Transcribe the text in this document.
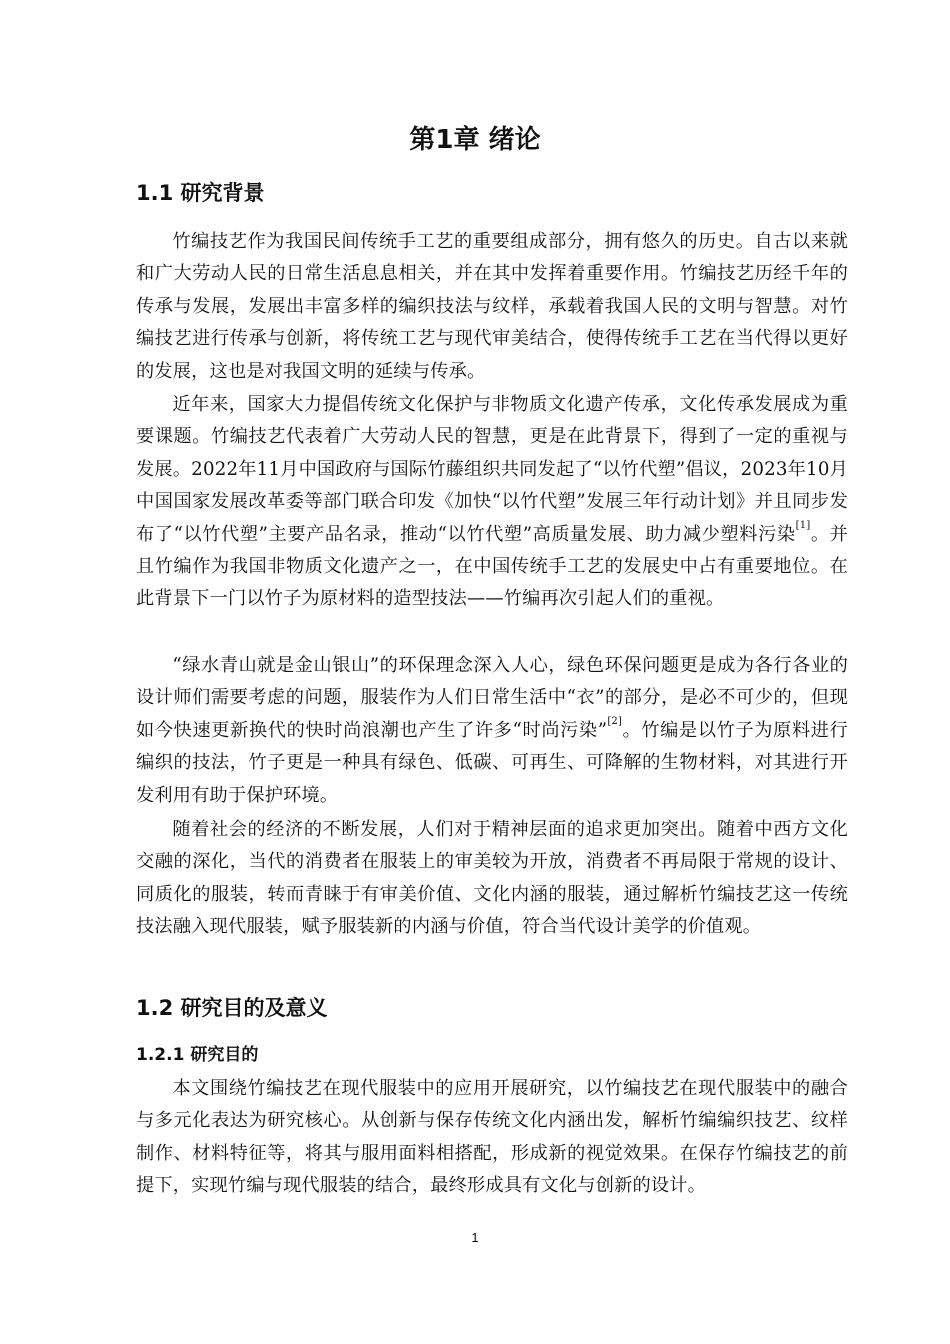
第1章 绪论
1.1 研究背景

竹编技艺作为我国民间传统手工艺的重要组成部分，拥有悠久的历史。自古以来就和广大劳动人民的日常生活息息相关，并在其中发挥着重要作用。竹编技艺历经千年的传承与发展，发展出丰富多样的编织技法与纹样，承载着我国人民的文明与智慧。对竹编技艺进行传承与创新，将传统工艺与现代审美结合，使得传统手工艺在当代得以更好的发展，这也是对我国文明的延续与传承。

近年来，国家大力提倡传统文化保护与非物质文化遗产传承，文化传承发展成为重要课题。竹编技艺代表着广大劳动人民的智慧，更是在此背景下，得到了一定的重视与发展。2022年11月中国政府与国际竹藤组织共同发起了“以竹代塑”倡议，2023年10月中国国家发展改革委等部门联合印发《加快“以竹代塑”发展三年行动计划》并且同步发布了“以竹代塑”主要产品名录，推动“以竹代塑”高质量发展、助力减少塑料污染[1]。并且竹编作为我国非物质文化遗产之一，在中国传统手工艺的发展史中占有重要地位。在此背景下一门以竹子为原材料的造型技法——竹编再次引起人们的重视。

“绿水青山就是金山银山”的环保理念深入人心，绿色环保问题更是成为各行各业的设计师们需要考虑的问题，服装作为人们日常生活中“衣”的部分，是必不可少的，但现如今快速更新换代的快时尚浪潮也产生了许多“时尚污染”[2]。竹编是以竹子为原料进行编织的技法，竹子更是一种具有绿色、低碳、可再生、可降解的生物材料，对其进行开发利用有助于保护环境。

随着社会的经济的不断发展，人们对于精神层面的追求更加突出。随着中西方文化交融的深化，当代的消费者在服装上的审美较为开放，消费者不再局限于常规的设计、同质化的服装，转而青睐于有审美价值、文化内涵的服装，通过解析竹编技艺这一传统技法融入现代服装，赋予服装新的内涵与价值，符合当代设计美学的价值观。

1.2 研究目的及意义
1.2.1 研究目的

本文围绕竹编技艺在现代服装中的应用开展研究，以竹编技艺在现代服装中的融合与多元化表达为研究核心。从创新与保存传统文化内涵出发，解析竹编编织技艺、纹样制作、材料特征等，将其与服用面料相搭配，形成新的视觉效果。在保存竹编技艺的前提下，实现竹编与现代服装的结合，最终形成具有文化与创新的设计。

1
